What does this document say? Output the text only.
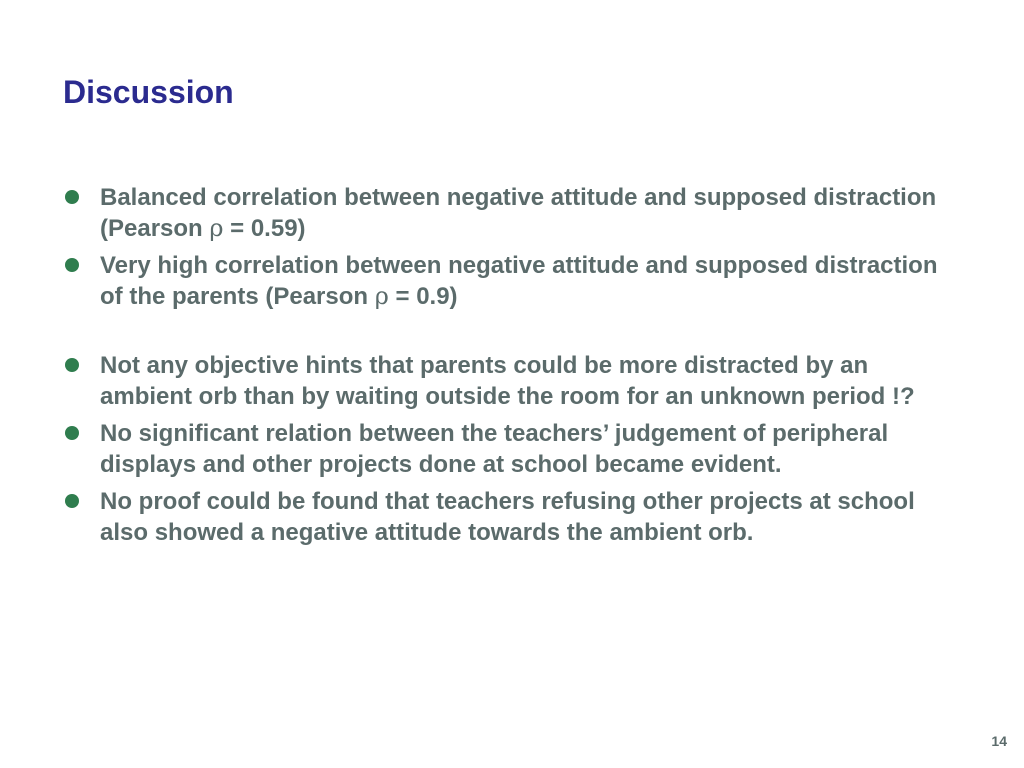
Discussion
Balanced correlation between negative attitude and supposed distraction (Pearson ρ = 0.59)
Very high correlation between negative attitude and supposed distraction of the parents (Pearson ρ = 0.9)
Not any objective hints that parents could be more distracted by an ambient orb than by waiting outside the room for an unknown period !?
No significant relation between the teachers’ judgement of peripheral displays and other projects done at school became evident.
No proof could be found that teachers refusing other projects at school also showed a negative attitude towards the ambient orb.
14
